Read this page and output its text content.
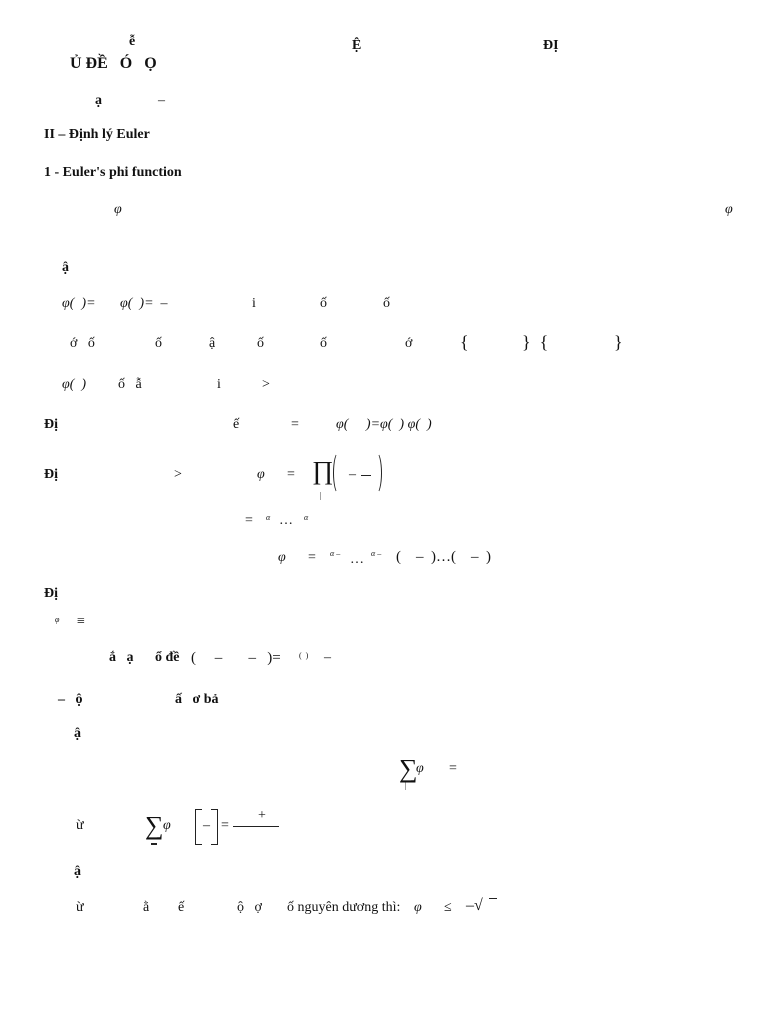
ễ	Ệ	ĐỊ
Ủ ĐỀ   Ó   Ọ
ạ	–
II – Định lý Euler
1 - Euler's phi function
φ	φ
ậ
φ(  )= φ(  )=  –	i	ố	ố
ớ   ố	ố	ậ	ố	ố	ớ	{	}  {	}
φ(  ) ố   ẫ	i	>
Đị	ế	=	φ(     )=φ(  ) φ(  )
Đị	>	φ = ∏ –
|
= α … α
φ = α – … α – (    –  )…(    –  )
Đị
φ ≡
ắ   ạ ổ đề (     –       –   )= (  ) –
–   ộ	ấ   ơ bả
ậ
∑
φ =
|
ừ ∑ φ – =
+
ậ
ừ	ằ ế	ộ   ợ ố nguyên dương thì: φ ≤ –√
